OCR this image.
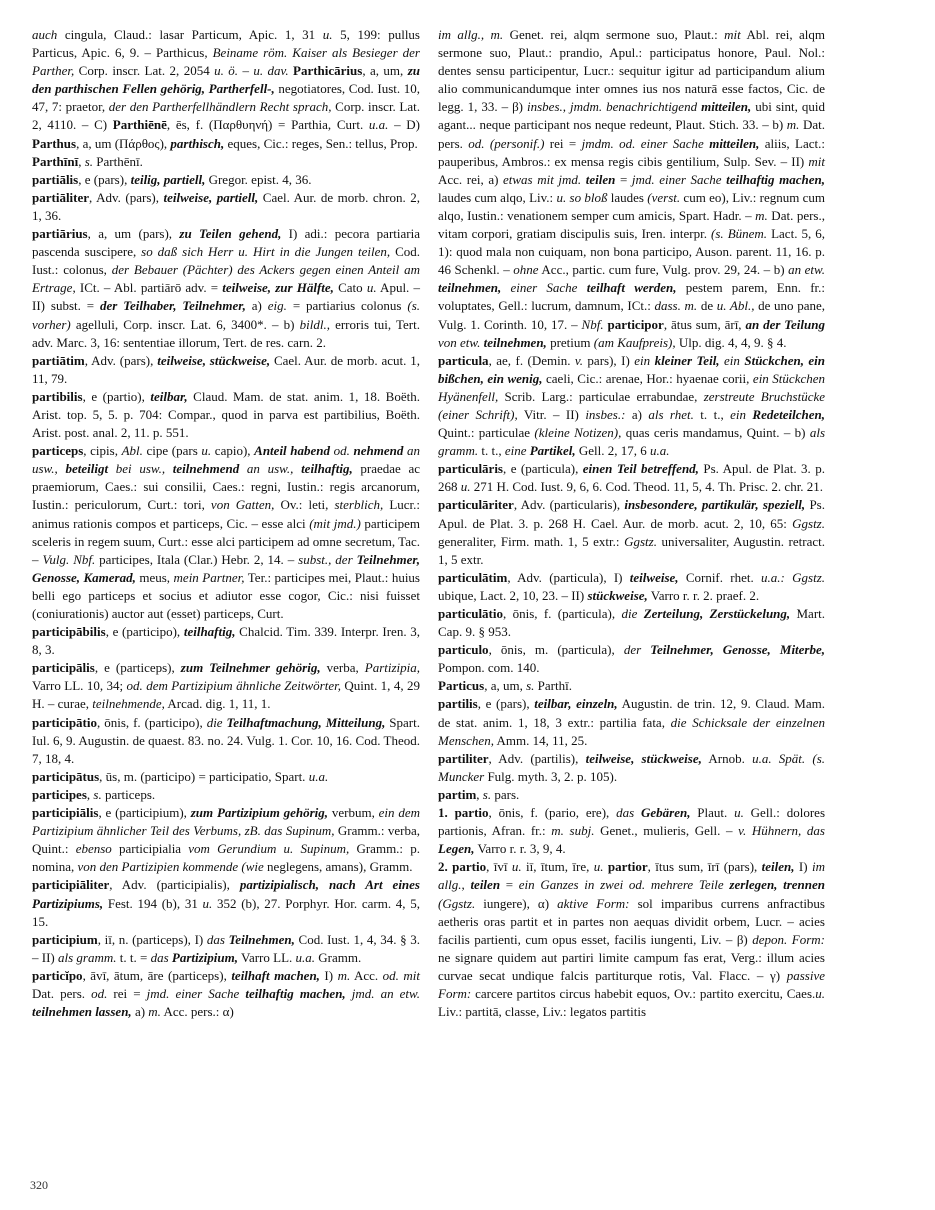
auch cingula, Claud.: lasar Particum, Apic. 1, 31 u. 5, 199: pullus Particus, Apic. 6, 9. – Parthicus, Beiname röm. Kaiser als Besieger der Parther, Corp. inscr. Lat. 2, 2054 u. ö. – u. dav. Parthicārius, a, um, zu den parthischen Fellen gehörig, Partherfell-, negotiatores, Cod. Iust. 10, 47, 7: praetor, der den Partherfellhändlern Recht sprach, Corp. inscr. Lat. 2, 4110. – C) Parthiēnē, ēs, f. (Παρθυηνή) = Parthia, Curt. u.a. – D) Parthus, a, um (Πάρθος), parthisch, eques, Cic.: reges, Sen.: tellus, Prop.
Parthīnī, s. Parthēnī.
partiālis, e (pars), teilig, partiell, Gregor. epist. 4, 36.
partiāliter, Adv. (pars), teilweise, partiell, Cael. Aur. de morb. chron. 2, 1, 36.
partiārius, a, um (pars), zu Teilen gehend, I) adi.: pecora partiaria pascenda suscipere, so daß sich Herr u. Hirt in die Jungen teilen, Cod. Iust.: colonus, der Bebauer (Pächter) des Ackers gegen einen Anteil am Ertrage, ICt. – Abl. partiārō adv. = teilweise, zur Hälfte, Cato u. Apul. – II) subst. = der Teilhaber, Teilnehmer, a) eig. = partiarius colonus (s. vorher) agelluli, Corp. inscr. Lat. 6, 3400*. – b) bildl., erroris tui, Tert. adv. Marc. 3, 16: sententiae illorum, Tert. de res. carn. 2.
partiātim, Adv. (pars), teilweise, stückweise, Cael. Aur. de morb. acut. 1, 11, 79.
partibilis, e (partio), teilbar, Claud. Mam. de stat. anim. 1, 18. Boëth. Arist. top. 5, 5. p. 704: Compar., quod in parva est partibilius, Boëth. Arist. post. anal. 2, 11. p. 551.
particeps, cipis, Abl. cipe (pars u. capio), Anteil habend od. nehmend an usw., beteiligt bei usw., teilnehmend an usw., teilhaftig, praedae ac praemiorum, Caes.: sui consilii, Caes.: regni, Iustin.: regis arcanorum, Iustin.: periculorum, Curt.: tori, von Gatten, Ov.: leti, sterblich, Lucr.: animus rationis compos et particeps, Cic. – esse alci (mit jmd.) participem sceleris in regem suum, Curt.: esse alci participem ad omne secretum, Tac. – Vulg. Nbf. participes, Itala (Clar.) Hebr. 2, 14. – subst., der Teilnehmer, Genosse, Kamerad, meus, mein Partner, Ter.: participes mei, Plaut.: huius belli ego particeps et socius et adiutor esse cogor, Cic.: nisi fuisset (coniurationis) auctor aut (esset) particeps, Curt.
participābilis, e (participo), teilhaftig, Chalcid. Tim. 339. Interpr. Iren. 3, 8, 3.
participālis, e (particeps), zum Teilnehmer gehörig, verba, Partizipia, Varro LL. 10, 34; od. dem Partizipium ähnliche Zeitwörter, Quint. 1, 4, 29 H. – curae, teilnehmende, Arcad. dig. 1, 11, 1.
participātio, ōnis, f. (participo), die Teilhaftmachung, Mitteilung, Spart. Iul. 6, 9. Augustin. de quaest. 83. no. 24. Vulg. 1. Cor. 10, 16. Cod. Theod. 7, 18, 4.
participātus, ūs, m. (participo) = participatio, Spart. u.a.
participes, s. particeps.
participiālis, e (participium), zum Partizipium gehörig, verbum, ein dem Partizipium ähnlicher Teil des Verbums, zB. das Supinum, Gramm.: verba, Quint.: ebenso participialia vom Gerundium u. Supinum, Gramm.: p. nomina, von den Partizipien kommende (wie neglegens, amans), Gramm.
participiāliter, Adv. (participialis), partizipialisch, nach Art eines Partizipiums, Fest. 194 (b), 31 u. 352 (b), 27. Porphyr. Hor. carm. 4, 5, 15.
participium, iī, n. (particeps), I) das Teilnehmen, Cod. Iust. 1, 4, 34. § 3. – II) als gramm. t. t. = das Partizipium, Varro LL. u.a. Gramm.
particĭpo, āvī, ātum, āre (particeps), teilhaft machen, I) m. Acc. od. mit Dat. pers. od. rei = jmd. einer Sache teilhaftig machen, jmd. an etw. teilnehmen lassen, a) m. Acc. pers.: α)
im allg., m. Genet. rei, alqm sermone suo, Plaut.: mit Abl. rei, alqm sermone suo, Plaut.: prandio, Apul.: participatus honore, Paul. Nol.: dentes sensu participentur, Lucr.: sequitur igitur ad participandum alium alio communicandumque inter omnes ius nos naturā esse factos, Cic. de legg. 1, 33. – β) insbes., jmdm. benachrichtigend mitteilen, ubi sint, quid agant... neque participant nos neque redeunt, Plaut. Stich. 33. – b) m. Dat. pers. od. (personif.) rei = jmdm. od. einer Sache mitteilen, aliis, Lact.: pauperibus, Ambros.: ex mensa regis cibis gentilium, Sulp. Sev. – II) mit Acc. rei, a) etwas mit jmd. teilen = jmd. einer Sache teilhaftig machen, laudes cum alqo, Liv.: u. so bloß laudes (verst. cum eo), Liv.: regnum cum alqo, Iustin.: venationem semper cum amicis, Spart. Hadr. – m. Dat. pers., vitam corpori, gratiam discipulis suis, Iren. interpr. (s. Bünem. Lact. 5, 6, 1): quod mala non cuiquam, non bona participo, Auson. parent. 11, 16. p. 46 Schenkl. – ohne Acc., partic. cum fure, Vulg. prov. 29, 24. – b) an etw. teilnehmen, einer Sache teilhaft werden, pestem parem, Enn. fr.: voluptates, Gell.: lucrum, damnum, ICt.: dass. m. de u. Abl., de uno pane, Vulg. 1. Corinth. 10, 17. – Nbf. participor, ātus sum, ārī, an der Teilung von etw. teilnehmen, pretium (am Kaufpreis), Ulp. dig. 4, 4, 9. § 4.
particula, ae, f. (Demin. v. pars), I) ein kleiner Teil, ein Stückchen, ein bißchen, ein wenig, caeli, Cic.: arenae, Hor.: hyaenae corii, ein Stückchen Hyänenfell, Scrib. Larg.: particulae errabundae, zerstreute Bruchstücke (einer Schrift), Vitr. – II) insbes.: a) als rhet. t. t., ein Redeteilchen, Quint.: particulae (kleine Notizen), quas ceris mandamus, Quint. – b) als gramm. t. t., eine Partikel, Gell. 2, 17, 6 u.a.
particulāris, e (particula), einen Teil betreffend, Ps. Apul. de Plat. 3. p. 268 u. 271 H. Cod. Iust. 9, 6, 6. Cod. Theod. 11, 5, 4. Th. Prisc. 2. chr. 21.
particulāriter, Adv. (particularis), insbesondere, partikulär, speziell, Ps. Apul. de Plat. 3. p. 268 H. Cael. Aur. de morb. acut. 2, 10, 65: Ggstz. generaliter, Firm. math. 1, 5 extr.: Ggstz. universaliter, Augustin. retract. 1, 5 extr.
particulātim, Adv. (particula), I) teilweise, Cornif. rhet. u.a.: Ggstz. ubique, Lact. 2, 10, 23. – II) stückweise, Varro r. r. 2. praef. 2.
particulātio, ōnis, f. (particula), die Zerteilung, Zerstückelung, Mart. Cap. 9. § 953.
particulo, ōnis, m. (particula), der Teilnehmer, Genosse, Miterbe, Pompon. com. 140.
Particus, a, um, s. Parthī.
partilis, e (pars), teilbar, einzeln, Augustin. de trin. 12, 9. Claud. Mam. de stat. anim. 1, 18, 3 extr.: partilia fata, die Schicksale der einzelnen Menschen, Amm. 14, 11, 25.
partiliter, Adv. (partilis), teilweise, stückweise, Arnob. u.a. Spät. (s. Muncker Fulg. myth. 3, 2. p. 105).
partim, s. pars.
1. partio, ōnis, f. (pario, ere), das Gebären, Plaut. u. Gell.: dolores partionis, Afran. fr.: m. subj. Genet., mulieris, Gell. – v. Hühnern, das Legen, Varro r. r. 3, 9, 4.
2. partio, īvī u. iī, ītum, īre, u. partior, ītus sum, īrī (pars), teilen, I) im allg., teilen = ein Ganzes in zwei od. mehrere Teile zerlegen, trennen (Ggstz. iungere), α) aktive Form: sol imparibus currens anfractibus aetheris oras partit et in partes non aequas dividit orbem, Lucr. – acies facilis partienti, cum opus esset, facilis iungenti, Liv. – β) depon. Form: ne signare quidem aut partiri limite campum fas erat, Verg.: illum acies curvae secat undique falcis partiturque rotis, Val. Flacc. – γ) passive Form: carcere partitos circus habebit equos, Ov.: partito exercitu, Caes.u. Liv.: partitā, classe, Liv.: legatos partitis
320
